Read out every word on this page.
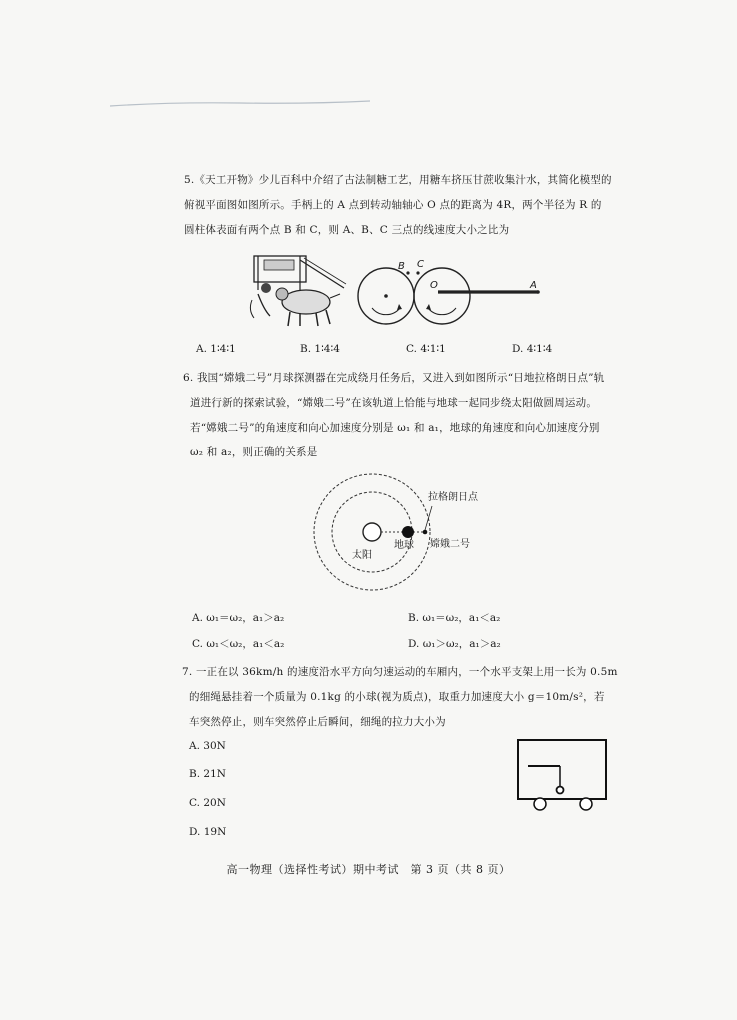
5.《天工开物》少儿百科中介绍了古法制糖工艺，用糖车挤压甘蔗收集汁水，其简化模型的
俯视平面图如图所示。手柄上的 A 点到转动轴轴心 O 点的距离为 4R，两个半径为 R 的
圆柱体表面有两个点 B 和 C，则 A、B、C 三点的线速度大小之比为
B C
O	A
A. 1∶4∶1	B. 1∶4∶4	C. 4∶1∶1	D. 4∶1∶4
6. 我国“嫦娥二号”月球探测器在完成绕月任务后，又进入到如图所示“日地拉格朗日点”轨
道进行新的探索试验，“嫦娥二号”在该轨道上恰能与地球一起同步绕太阳做圆周运动。
若“嫦娥二号”的角速度和向心加速度分别是 ω₁ 和 a₁，地球的角速度和向心加速度分别
ω₂ 和 a₂，则正确的关系是
拉格朗日点
太阳
地球 嫦娥二号
A. ω₁＝ω₂，a₁＞a₂	B. ω₁＝ω₂，a₁＜a₂
C. ω₁＜ω₂，a₁＜a₂	D. ω₁＞ω₂，a₁＞a₂
7. 一正在以 36km/h 的速度沿水平方向匀速运动的车厢内，一个水平支架上用一长为 0.5m
的细绳悬挂着一个质量为 0.1kg 的小球(视为质点)，取重力加速度大小 g＝10m/s²，若
车突然停止，则车突然停止后瞬间，细绳的拉力大小为
A. 30N
B. 21N
C. 20N
D. 19N
高一物理（选择性考试）期中考试　第 3 页（共 8 页）
